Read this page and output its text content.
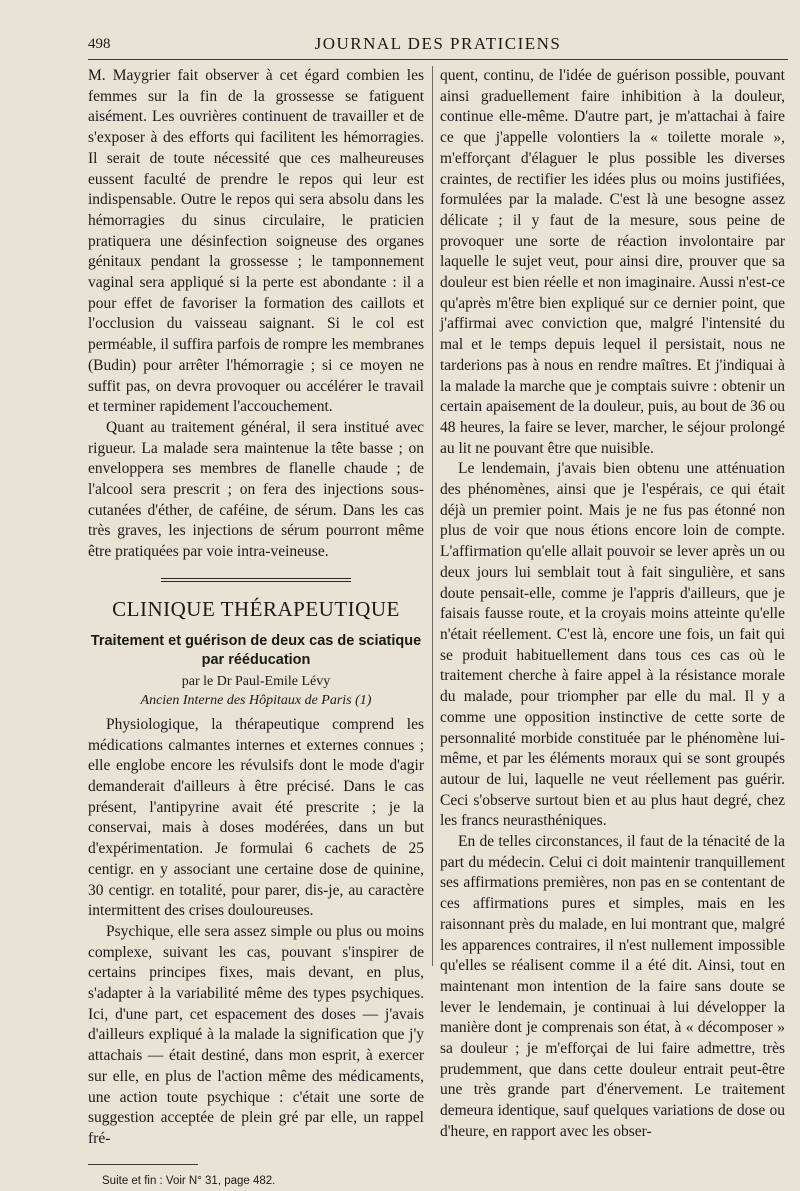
498	JOURNAL DES PRATICIENS

M. Maygrier fait observer à cet égard combien les femmes sur la fin de la grossesse se fatiguent aisément. Les ouvrières continuent de travailler et de s'exposer à des efforts qui facilitent les hémorragies. Il serait de toute nécessité que ces malheureuses eussent faculté de prendre le repos qui leur est indispensable. Outre le repos qui sera absolu dans les hémorragies du sinus circulaire, le praticien pratiquera une désinfection soigneuse des organes génitaux pendant la grossesse ; le tamponnement vaginal sera appliqué si la perte est abondante : il a pour effet de favoriser la formation des caillots et l'occlusion du vaisseau saignant. Si le col est perméable, il suffira parfois de rompre les membranes (Budin) pour arrêter l'hémorragie ; si ce moyen ne suffit pas, on devra provoquer ou accélérer le travail et terminer rapidement l'accouchement.

Quant au traitement général, il sera institué avec rigueur. La malade sera maintenue la tête basse ; on enveloppera ses membres de flanelle chaude ; de l'alcool sera prescrit ; on fera des injections sous-cutanées d'éther, de caféine, de sérum. Dans les cas très graves, les injections de sérum pourront même être pratiquées par voie intra-veineuse.

CLINIQUE THÉRAPEUTIQUE
Traitement et guérison de deux cas de sciatique par rééducation
par le Dr Paul-Emile Lévy
Ancien Interne des Hôpitaux de Paris (1)

Physiologique, la thérapeutique comprend les médications calmantes internes et externes connues ; elle englobe encore les révulsifs dont le mode d'agir demanderait d'ailleurs à être précisé. Dans le cas présent, l'antipyrine avait été prescrite ; je la conservai, mais à doses modérées, dans un but d'expérimentation. Je formulai 6 cachets de 25 centigr. en y associant une certaine dose de quinine, 30 centigr. en totalité, pour parer, dis-je, au caractère intermittent des crises douloureuses.

Psychique, elle sera assez simple ou plus ou moins complexe, suivant les cas, pouvant s'inspirer de certains principes fixes, mais devant, en plus, s'adapter à la variabilité même des types psychiques. Ici, d'une part, cet espacement des doses — j'avais d'ailleurs expliqué à la malade la signification que j'y attachais — était destiné, dans mon esprit, à exercer sur elle, en plus de l'action même des médicaments, une action toute psychique : c'était une sorte de suggestion acceptée de plein gré par elle, un rappel fré-

Suite et fin : Voir N° 31, page 482.

quent, continu, de l'idée de guérison possible, pouvant ainsi graduellement faire inhibition à la douleur, continue elle-même. D'autre part, je m'attachai à faire ce que j'appelle volontiers la « toilette morale », m'efforçant d'élaguer le plus possible les diverses craintes, de rectifier les idées plus ou moins justifiées, formulées par la malade. C'est là une besogne assez délicate ; il y faut de la mesure, sous peine de provoquer une sorte de réaction involontaire par laquelle le sujet veut, pour ainsi dire, prouver que sa douleur est bien réelle et non imaginaire. Aussi n'est-ce qu'après m'être bien expliqué sur ce dernier point, que j'affirmai avec conviction que, malgré l'intensité du mal et le temps depuis lequel il persistait, nous ne tarderions pas à nous en rendre maîtres. Et j'indiquai à la malade la marche que je comptais suivre : obtenir un certain apaisement de la douleur, puis, au bout de 36 ou 48 heures, la faire se lever, marcher, le séjour prolongé au lit ne pouvant être que nuisible.

Le lendemain, j'avais bien obtenu une atténuation des phénomènes, ainsi que je l'espérais, ce qui était déjà un premier point. Mais je ne fus pas étonné non plus de voir que nous étions encore loin de compte. L'affirmation qu'elle allait pouvoir se lever après un ou deux jours lui semblait tout à fait singulière, et sans doute pensait-elle, comme je l'appris d'ailleurs, que je faisais fausse route, et la croyais moins atteinte qu'elle n'était réellement. C'est là, encore une fois, un fait qui se produit habituellement dans tous ces cas où le traitement cherche à faire appel à la résistance morale du malade, pour triompher par elle du mal. Il y a comme une opposition instinctive de cette sorte de personnalité morbide constituée par le phénomène lui-même, et par les éléments moraux qui se sont groupés autour de lui, laquelle ne veut réellement pas guérir. Ceci s'observe surtout bien et au plus haut degré, chez les francs neurasthéniques.

En de telles circonstances, il faut de la ténacité de la part du médecin. Celui ci doit maintenir tranquillement ses affirmations premières, non pas en se contentant de ces affirmations pures et simples, mais en les raisonnant près du malade, en lui montrant que, malgré les apparences contraires, il n'est nullement impossible qu'elles se réalisent comme il a été dit. Ainsi, tout en maintenant mon intention de la faire sans doute se lever le lendemain, je continuai à lui développer la manière dont je comprenais son état, à « décomposer » sa douleur ; je m'efforçai de lui faire admettre, très prudemment, que dans cette douleur entrait peut-être une très grande part d'énervement. Le traitement demeura identique, sauf quelques variations de dose ou d'heure, en rapport avec les obser-
